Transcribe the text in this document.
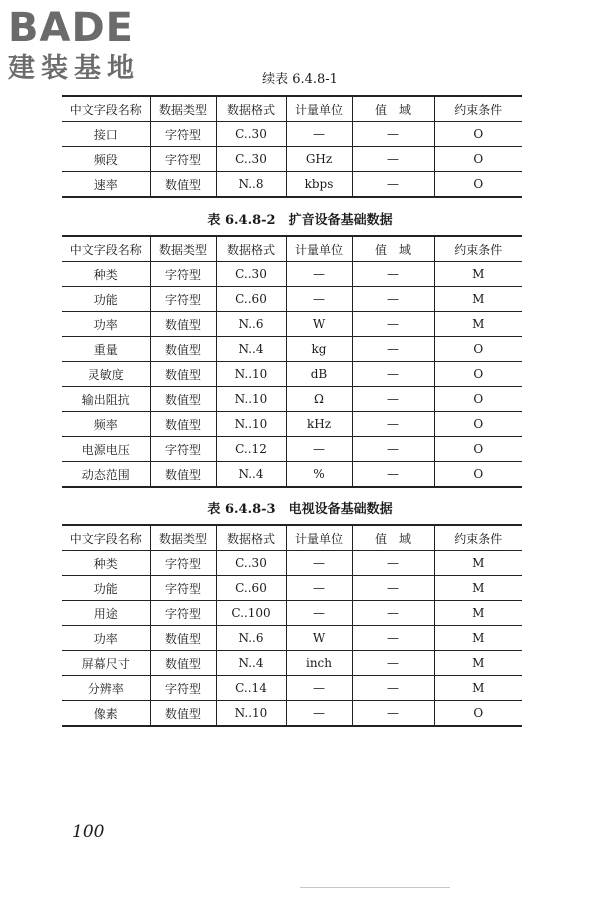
BADE
建装基地	续表 6.4.8-1
中文字段名称	数据类型	数据格式	计量单位	值　域	约束条件
接口	字符型	C..30	—	—	O
频段	字符型	C..30	GHz	—	O
速率	数值型	N..8	kbps	—	O
表 6.4.8-2　扩音设备基础数据
中文字段名称	数据类型	数据格式	计量单位	值　域	约束条件
种类	字符型	C..30	—	—	M
功能	字符型	C..60	—	—	M
功率	数值型	N..6	W	—	M
重量	数值型	N..4	kg	—	O
灵敏度	数值型	N..10	dB	—	O
输出阻抗	数值型	N..10	Ω	—	O
频率	数值型	N..10	kHz	—	O
电源电压	字符型	C..12	—	—	O
动态范围	数值型	N..4	%	—	O
表 6.4.8-3　电视设备基础数据
中文字段名称	数据类型	数据格式	计量单位	值　域	约束条件
种类	字符型	C..30	—	—	M
功能	字符型	C..60	—	—	M
用途	字符型	C..100	—	—	M
功率	数值型	N..6	W	—	M
屏幕尺寸	数值型	N..4	inch	—	M
分辨率	字符型	C..14	—	—	M
像素	数值型	N..10	—	—	O
100
